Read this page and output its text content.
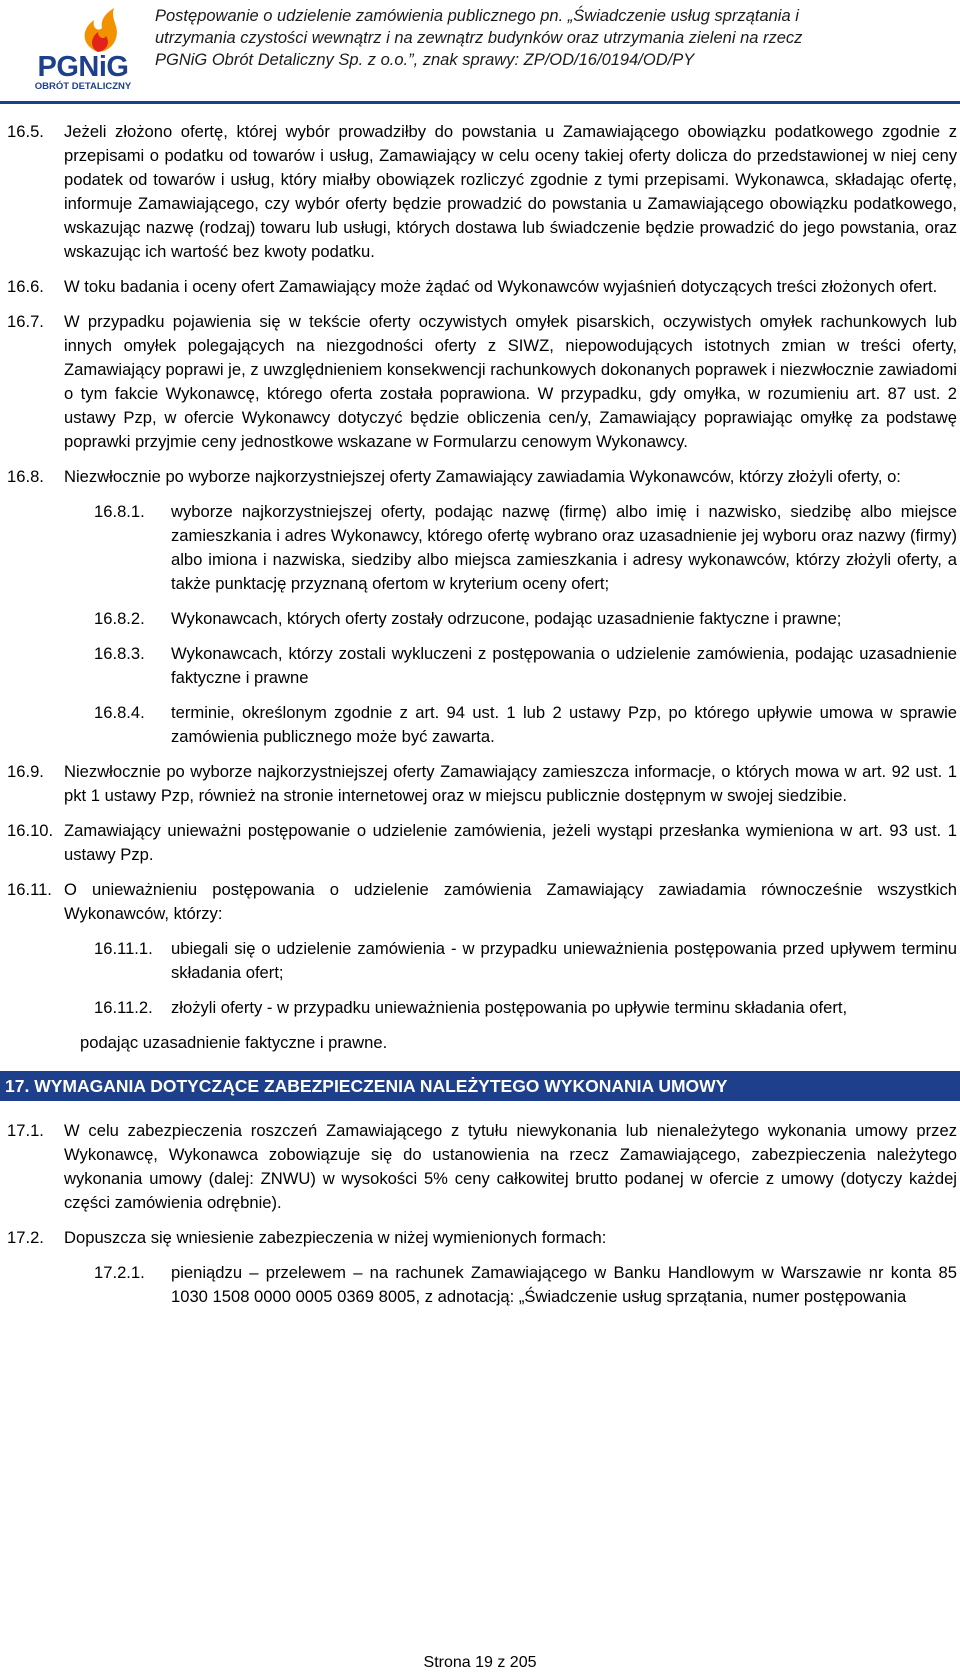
PGNiG
OBRÓT DETALICZNY
Postępowanie o udzielenie zamówienia publicznego pn. „Świadczenie usług sprzątania i
utrzymania czystości wewnątrz i na zewnątrz budynków oraz utrzymania zieleni na rzecz
PGNiG Obrót Detaliczny Sp. z o.o.”, znak sprawy: ZP/OD/16/0194/OD/PY
16.5. Jeżeli złożono ofertę, której wybór prowadziłby do powstania u Zamawiającego obowiązku podatkowego zgodnie z przepisami o podatku od towarów i usług, Zamawiający w celu oceny takiej oferty dolicza do przedstawionej w niej ceny podatek od towarów i usług, który miałby obowiązek rozliczyć zgodnie z tymi przepisami. Wykonawca, składając ofertę, informuje Zamawiającego, czy wybór oferty będzie prowadzić do powstania u Zamawiającego obowiązku podatkowego, wskazując nazwę (rodzaj) towaru lub usługi, których dostawa lub świadczenie będzie prowadzić do jego powstania, oraz wskazując ich wartość bez kwoty podatku.
16.6. W toku badania i oceny ofert Zamawiający może żądać od Wykonawców wyjaśnień dotyczących treści złożonych ofert.
16.7. W przypadku pojawienia się w tekście oferty oczywistych omyłek pisarskich, oczywistych omyłek rachunkowych lub innych omyłek polegających na niezgodności oferty z SIWZ, niepowodujących istotnych zmian w treści oferty, Zamawiający poprawi je, z uwzględnieniem konsekwencji rachunkowych dokonanych poprawek i niezwłocznie zawiadomi o tym fakcie Wykonawcę, którego oferta została poprawiona. W przypadku, gdy omyłka, w rozumieniu art. 87 ust. 2 ustawy Pzp, w ofercie Wykonawcy dotyczyć będzie obliczenia cen/y, Zamawiający poprawiając omyłkę za podstawę poprawki przyjmie ceny jednostkowe wskazane w Formularzu cenowym Wykonawcy.
16.8. Niezwłocznie po wyborze najkorzystniejszej oferty Zamawiający zawiadamia Wykonawców, którzy złożyli oferty, o:
16.8.1. wyborze najkorzystniejszej oferty, podając nazwę (firmę) albo imię i nazwisko, siedzibę albo miejsce zamieszkania i adres Wykonawcy, którego ofertę wybrano oraz uzasadnienie jej wyboru oraz nazwy (firmy) albo imiona i nazwiska, siedziby albo miejsca zamieszkania i adresy wykonawców, którzy złożyli oferty, a także punktację przyznaną ofertom w kryterium oceny ofert;
16.8.2. Wykonawcach, których oferty zostały odrzucone, podając uzasadnienie faktyczne i prawne;
16.8.3. Wykonawcach, którzy zostali wykluczeni z postępowania o udzielenie zamówienia, podając uzasadnienie faktyczne i prawne
16.8.4. terminie, określonym zgodnie z art. 94 ust. 1 lub 2 ustawy Pzp, po którego upływie umowa w sprawie zamówienia publicznego może być zawarta.
16.9. Niezwłocznie po wyborze najkorzystniejszej oferty Zamawiający zamieszcza informacje, o których mowa w art. 92 ust. 1 pkt 1 ustawy Pzp, również na stronie internetowej oraz w miejscu publicznie dostępnym w swojej siedzibie.
16.10. Zamawiający unieważni postępowanie o udzielenie zamówienia, jeżeli wystąpi przesłanka wymieniona w art. 93 ust. 1 ustawy Pzp.
16.11. O unieważnieniu postępowania o udzielenie zamówienia Zamawiający zawiadamia równocześnie wszystkich Wykonawców, którzy:
16.11.1. ubiegali się o udzielenie zamówienia - w przypadku unieważnienia postępowania przed upływem terminu składania ofert;
16.11.2. złożyli oferty - w przypadku unieważnienia postępowania po upływie terminu składania ofert,
podając uzasadnienie faktyczne i prawne.
17. WYMAGANIA DOTYCZĄCE ZABEZPIECZENIA NALEŻYTEGO WYKONANIA UMOWY
17.1. W celu zabezpieczenia roszczeń Zamawiającego z tytułu niewykonania lub nienależytego wykonania umowy przez Wykonawcę, Wykonawca zobowiązuje się do ustanowienia na rzecz Zamawiającego, zabezpieczenia należytego wykonania umowy (dalej: ZNWU) w wysokości 5% ceny całkowitej brutto podanej w ofercie z umowy (dotyczy każdej części zamówienia odrębnie).
17.2. Dopuszcza się wniesienie zabezpieczenia w niżej wymienionych formach:
17.2.1. pieniądzu – przelewem – na rachunek Zamawiającego w Banku Handlowym w Warszawie nr konta 85 1030 1508 0000 0005 0369 8005, z adnotacją: „Świadczenie usług sprzątania, numer postępowania
Strona 19 z 205
